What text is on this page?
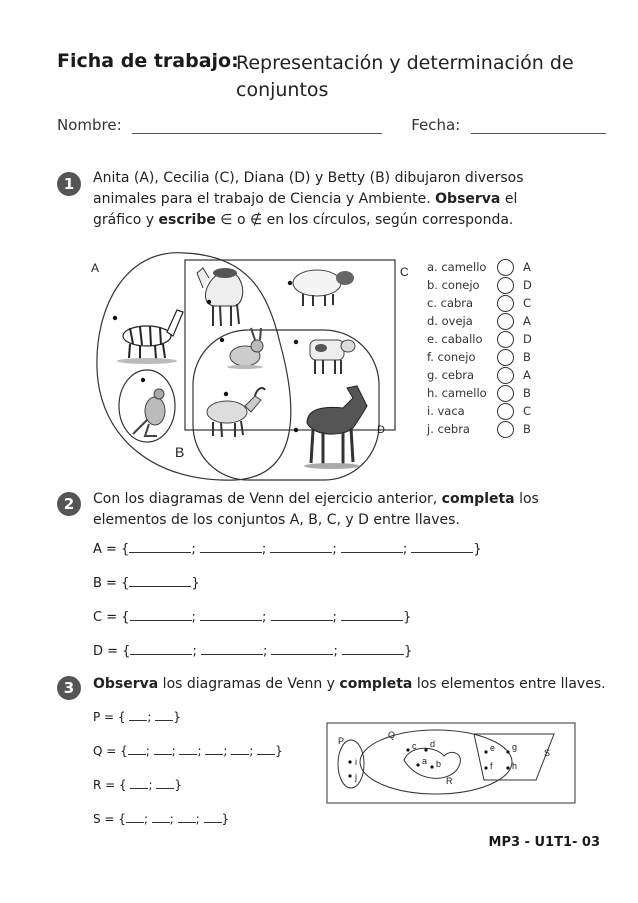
Ficha de trabajo:
Representación y determinación de conjuntos
Nombre:	Fecha:
1	Anita (A), Cecilia (C), Diana (D) y Betty (B) dibujaron diversos animales para el trabajo de Ciencia y Ambiente. Observa el gráfico y escribe ∈ o ∉ en los círculos, según corresponda.
A
B
C
D
a. camello	A
b. conejo	D
c. cabra	C
d. oveja	A
e. caballo	D
f. conejo	B
g. cebra	A
h. camello	B
i. vaca	C
j. cebra	B
2	Con los diagramas de Venn del ejercicio anterior, completa los elementos de los conjuntos A, B, C, y D entre llaves.
A = {	;	;	;	;	}
B = {	}
C = {	;	;	;	}
D = {	;	;	;	}
3	Observa los diagramas de Venn y completa los elementos entre llaves.
P = { ; }
Q = { ; ; ; ; ; }
R = { ; }
S = { ; ; ; }
P
Q
R
S
i
j
c d
a b
e g
f h
MP3 - U1T1- 03
